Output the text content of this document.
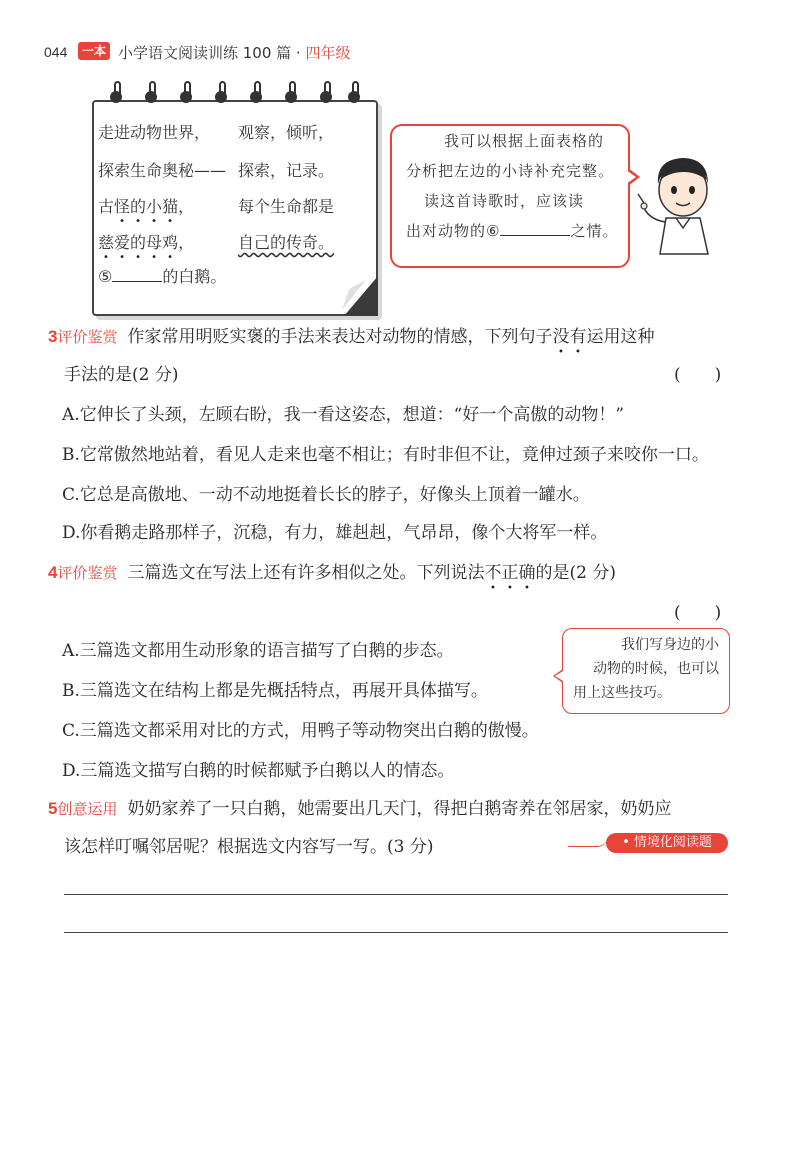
044	一本 小学语文阅读训练 100 篇 · 四年级
走进动物世界， 观察，倾听，
探索生命奥秘—— 探索，记录。
古怪的小猫，	每个生命都是
慈爱的母鸡，	自己的传奇。
⑤	的白鹅。

我可以根据上面表格的

分析把左边的小诗补充完整。

读这首诗歌时，应该读

出对动物的⑥	之情。

3评价鉴赏 作家常用明贬实褒的手法来表达对动物的情感，下列句子没有运用这种
手法的是(2 分)	(　　)
A.它伸长了头颈，左顾右盼，我一看这姿态，想道：“好一个高傲的动物！”
B.它常傲然地站着，看见人走来也毫不相让；有时非但不让，竟伸过颈子来咬你一口。
C.它总是高傲地、一动不动地挺着长长的脖子，好像头上顶着一罐水。
D.你看鹅走路那样子，沉稳，有力，雄赳赳，气昂昂，像个大将军一样。
4评价鉴赏 三篇选文在写法上还有许多相似之处。下列说法不正确的是(2 分)
(　　)
A.三篇选文都用生动形象的语言描写了白鹅的步态。
B.三篇选文在结构上都是先概括特点，再展开具体描写。
C.三篇选文都采用对比的方式，用鸭子等动物突出白鹅的傲慢。
D.三篇选文描写白鹅的时候都赋予白鹅以人的情态。

我们写身边的小

动物的时候，也可以

用上这些技巧。

5创意运用 奶奶家养了一只白鹅，她需要出几天门，得把白鹅寄养在邻居家，奶奶应
该怎样叮嘱邻居呢？根据选文内容写一写。(3 分)	• 情境化阅读题
